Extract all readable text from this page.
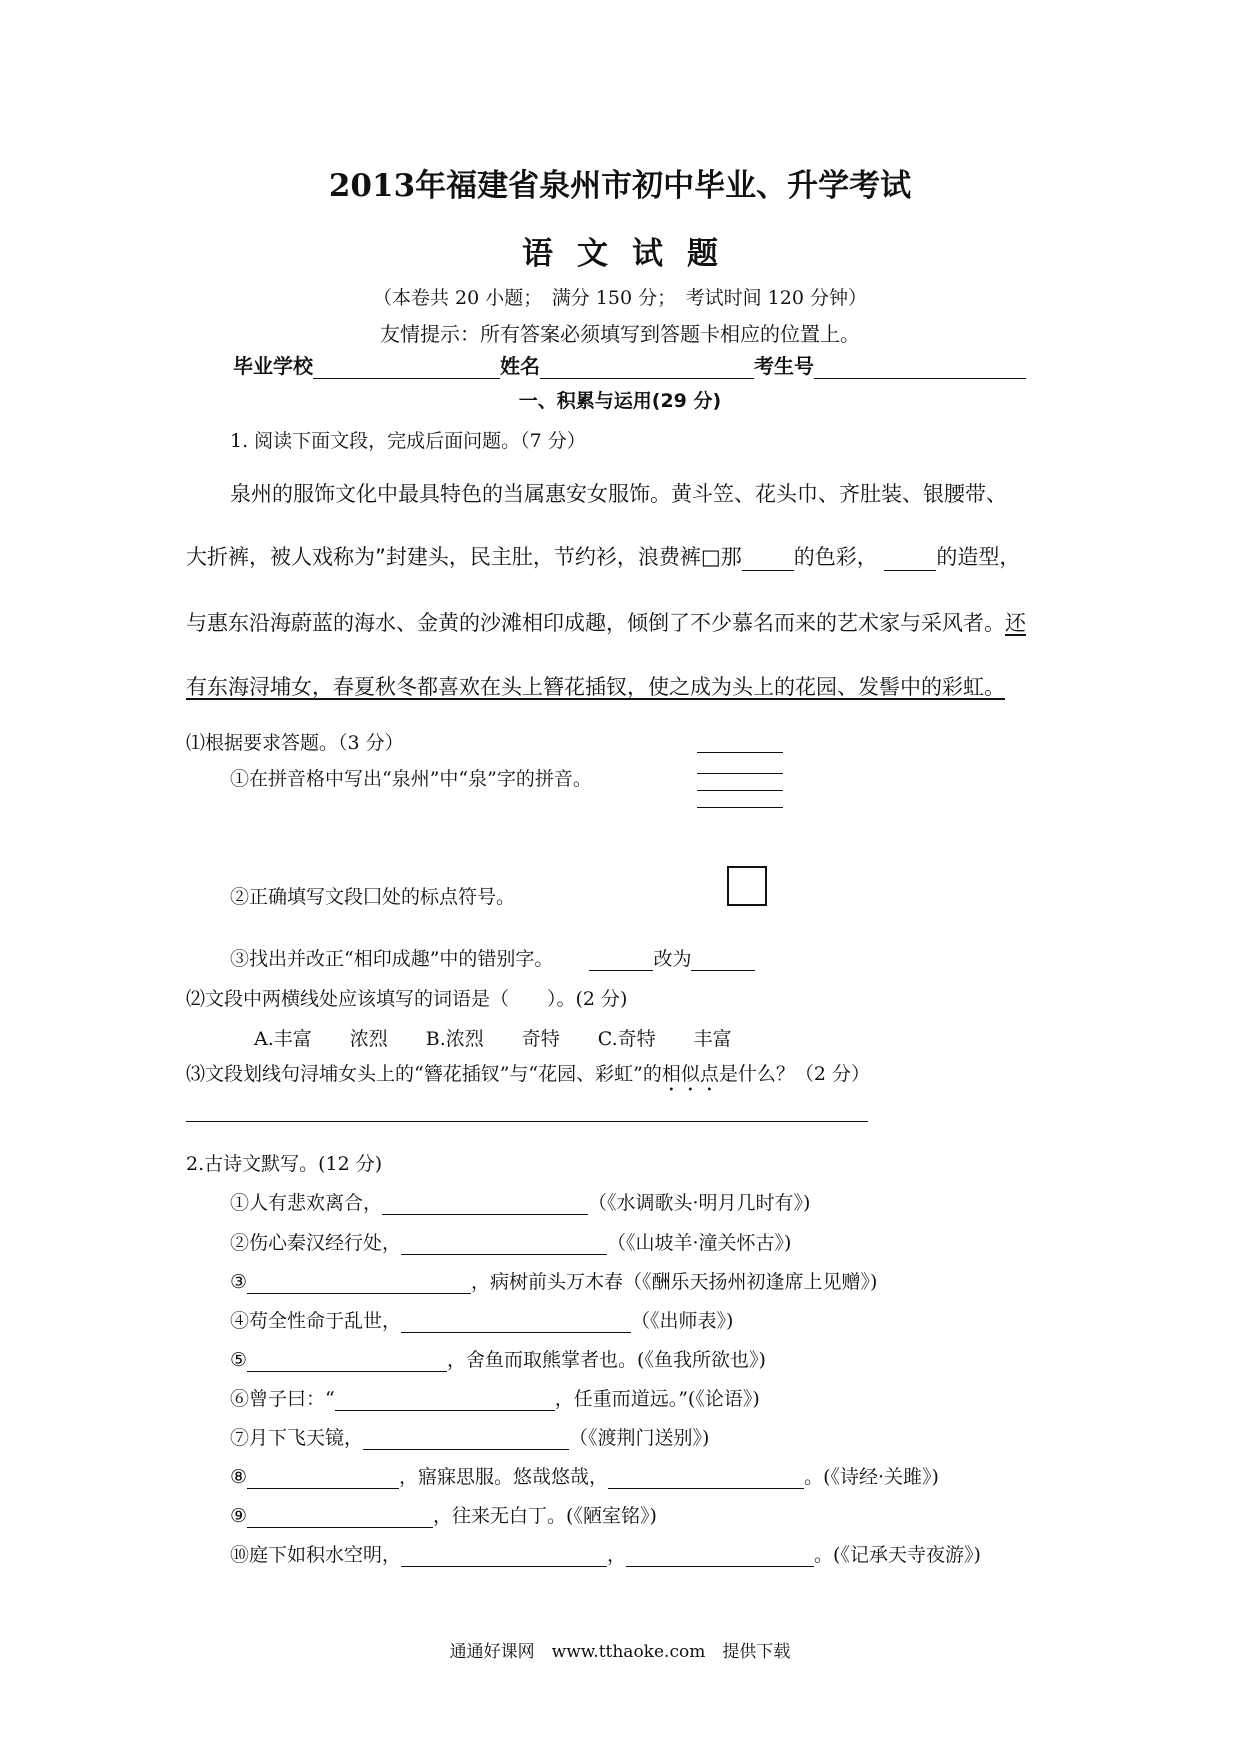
2013年福建省泉州市初中毕业、升学考试
语文试题
（本卷共 20 小题；　满分 150 分；　考试时间 120 分钟）
友情提示：所有答案必须填写到答题卡相应的位置上。
毕业学校	姓名	考生号
一、积累与运用(29 分)
1. 阅读下面文段，完成后面问题。（7 分）
泉州的服饰文化中最具特色的当属惠安女服饰。黄斗笠、花头巾、齐肚装、银腰带、
大折裤，被人戏称为”封建头，民主肚，节约衫，浪费裤□那 的色彩，	的造型，
与惠东沿海蔚蓝的海水、金黄的沙滩相印成趣，倾倒了不少慕名而来的艺术家与采风者。还
有东海浔埔女，春夏秋冬都喜欢在头上簪花插钗，使之成为头上的花园、发髻中的彩虹。
⑴根据要求答题。（3 分）
①在拼音格中写出“泉州”中“泉”字的拼音。
②正确填写文段囗处的标点符号。
③找出并改正“相印成趣”中的错别字。	改为
⑵文段中两横线处应该填写的词语是（　　）。(2 分)
A.丰富　　浓烈　　B.浓烈　　奇特　　C.奇特　　丰富
⑶文段划线句浔埔女头上的“簪花插钗”与“花园、彩虹”的相似点是什么？（2 分）
2.古诗文默写。(12 分)
①人有悲欢离合，	（《水调歌头·明月几时有》)
②伤心秦汉经行处，	（《山坡羊·潼关怀古》)
③	，病树前头万木春（《酬乐天扬州初逢席上见赠》)
④苟全性命于乱世，	（《出师表》)
⑤	，舍鱼而取熊掌者也。(《鱼我所欲也》)
⑥曾子曰：“	，任重而道远。”(《论语》)
⑦月下飞天镜，	（《渡荆门送别》)
⑧	，寤寐思服。悠哉悠哉，	。(《诗经·关雎》)
⑨	，往来无白丁。(《陋室铭》)
⑩庭下如积水空明，	，	。(《记承天寺夜游》)
通通好课网　www.tthaoke.com　提供下载
